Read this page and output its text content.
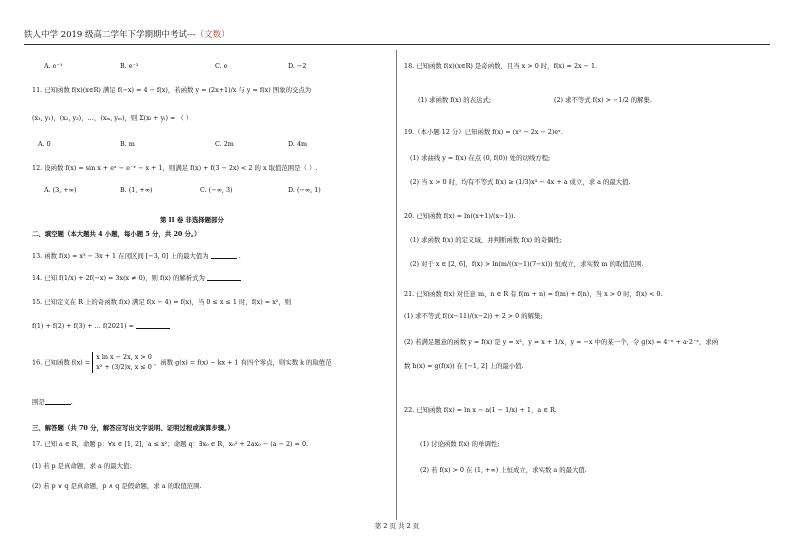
铁人中学 2019 级高二学年下学期期中考试---（文数）
A. e⁻¹	B. e⁻²	C. e	D. −2
11. 已知函数 f(x)(x∈R) 满足 f(−x) = 4 − f(x)，若函数 y = (2x+1)/x 与 y = f(x) 图象的交点为
(x₁, y₁)，(x₂, y₂)，…，(xₘ, yₘ)，则 Σ(xᵢ + yᵢ) = （ ）
A. 0	B. m	C. 2m	D. 4m
12. 设函数 f(x) = sin x + eˣ − e⁻ˣ − x + 1，则满足 f(x) + f(3 − 2x) < 2 的 x 取值范围是（ ）.
A. (3, +∞)	B. (1, +∞)	C. (−∞, 3)	D. (−∞, 1)
第 II 卷 非选择题部分
二、填空题（本大题共 4 小题，每小题 5 分，共 20 分。）
13. 函数 f(x) = x³ − 3x + 1 在闭区间 [−3, 0] 上的最大值为	.
14. 已知 f(1/x) + 2f(−x) = 3x(x ≠ 0)，则 f(x) 的解析式为
15. 已知定义在 R 上的奇函数 f(x) 满足 f(x − 4) = f(x)，当 0 ≤ x ≤ 1 时，f(x) = x²，则
f(1) + f(2) + f(3) + … f(2021) =
16. 已知函数 f(x) =
x ln x − 2x, x > 0
x² + (3/2)x, x ≤ 0
，函数 g(x) = f(x) − kx + 1 有四个零点，则实数 k 的取值范
围是	.
三、解答题（共 70 分，解答应写出文字说明、证明过程或演算步骤。）
17. 已知 a ∈ R，命题 p：∀x ∈ [1, 2]，a ≤ x²；命题 q：∃x₀ ∈ R，x₀² + 2ax₀ − (a − 2) = 0.
(1) 若 p 是真命题，求 a 的最大值；
(2) 若 p ∨ q 是真命题，p ∧ q 是假命题，求 a 的取值范围.
18. 已知函数 f(x)(x∈R) 是奇函数，且当 x > 0 时，f(x) = 2x − 1.
(1) 求函数 f(x) 的表达式;	(2) 求不等式 f(x) > −1/2 的解集.
19.（本小题 12 分）已知函数 f(x) = (x² − 2x − 2)eˣ.
(1) 求曲线 y = f(x) 在点 (0, f(0)) 处的切线方程;
(2) 当 x > 0 时，均有不等式 f(x) ≥ (1/3)x³ − 4x + a 成立，求 a 的最大值.
20. 已知函数 f(x) = ln((x+1)/(x−1)).
(1) 求函数 f(x) 的定义域，并判断函数 f(x) 的奇偶性;
(2) 对于 x ∈ [2, 6]，f(x) > ln(m/((x−1)(7−x))) 恒成立，求实数 m 的取值范围.
21. 已知函数 f(x) 对任意 m、n ∈ R 有 f(m + n) = f(m) + f(n)，当 x > 0 时，f(x) < 0.
(1) 求不等式 f((x−11)/(x−2)) + 2 > 0 的解集;
(2) 若满足题意的函数 y = f(x) 是 y = x²，y = x + 1/x，y = −x 中的某一个，令 g(x) = 4⁻ˣ + a·2⁻ˣ，求函
数 h(x) = g(f(x)) 在 [−1, 2] 上的最小值.
22. 已知函数 f(x) = ln x − a(1 − 1/x) + 1，a ∈ R.
(1) 讨论函数 f(x) 的单调性;
(2) 若 f(x) > 0 在 (1, +∞) 上恒成立，求实数 a 的最大值.
第 2 页 共 2 页
